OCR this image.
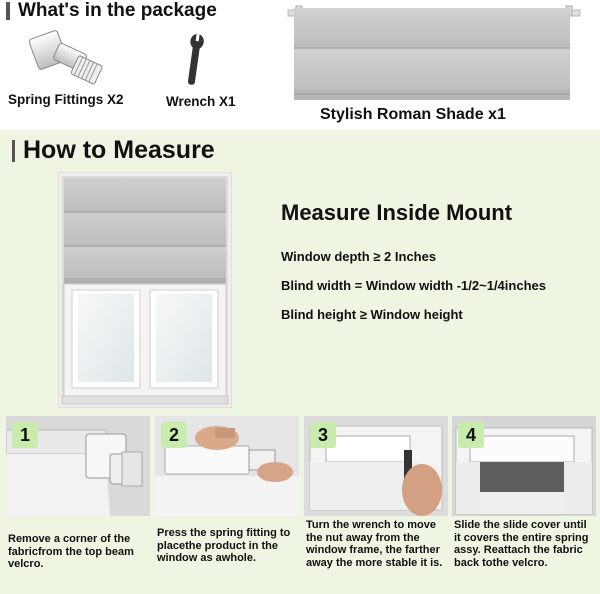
What's in the package
Spring Fittings X2	Wrench X1
Stylish Roman Shade x1
How to Measure
Measure Inside Mount
Window depth ≥ 2 Inches
Blind width = Window width -1/2~1/4inches
Blind height ≥ Window height
1
Remove a corner of the fabricfrom the top beam velcro.
2
Press the spring fitting to placethe product in the window as awhole.
3
Turn the wrench to move the nut away from the window frame, the farther away the more stable it is.
4
Slide the slide cover until it covers the entire spring assy. Reattach the fabric back tothe velcro.
